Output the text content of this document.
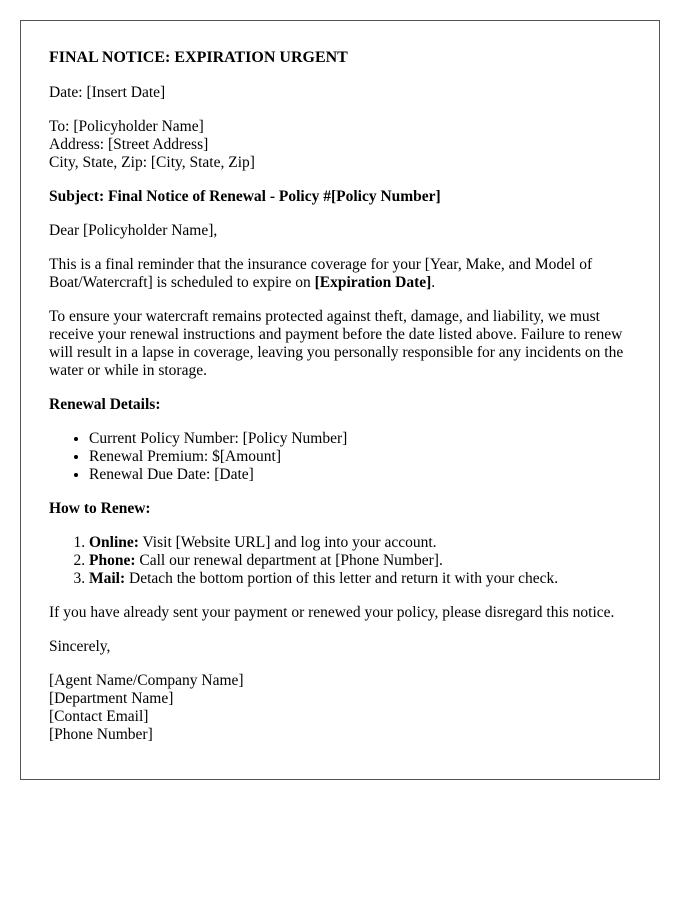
FINAL NOTICE: EXPIRATION URGENT
Date: [Insert Date]
To: [Policyholder Name]
Address: [Street Address]
City, State, Zip: [City, State, Zip]
Subject: Final Notice of Renewal - Policy #[Policy Number]
Dear [Policyholder Name],
This is a final reminder that the insurance coverage for your [Year, Make, and Model of Boat/Watercraft] is scheduled to expire on [Expiration Date].
To ensure your watercraft remains protected against theft, damage, and liability, we must receive your renewal instructions and payment before the date listed above. Failure to renew will result in a lapse in coverage, leaving you personally responsible for any incidents on the water or while in storage.
Renewal Details:
• Current Policy Number: [Policy Number]
• Renewal Premium: $[Amount]
• Renewal Due Date: [Date]
How to Renew:
1. Online: Visit [Website URL] and log into your account.
2. Phone: Call our renewal department at [Phone Number].
3. Mail: Detach the bottom portion of this letter and return it with your check.
If you have already sent your payment or renewed your policy, please disregard this notice.
Sincerely,
[Agent Name/Company Name]
[Department Name]
[Contact Email]
[Phone Number]
